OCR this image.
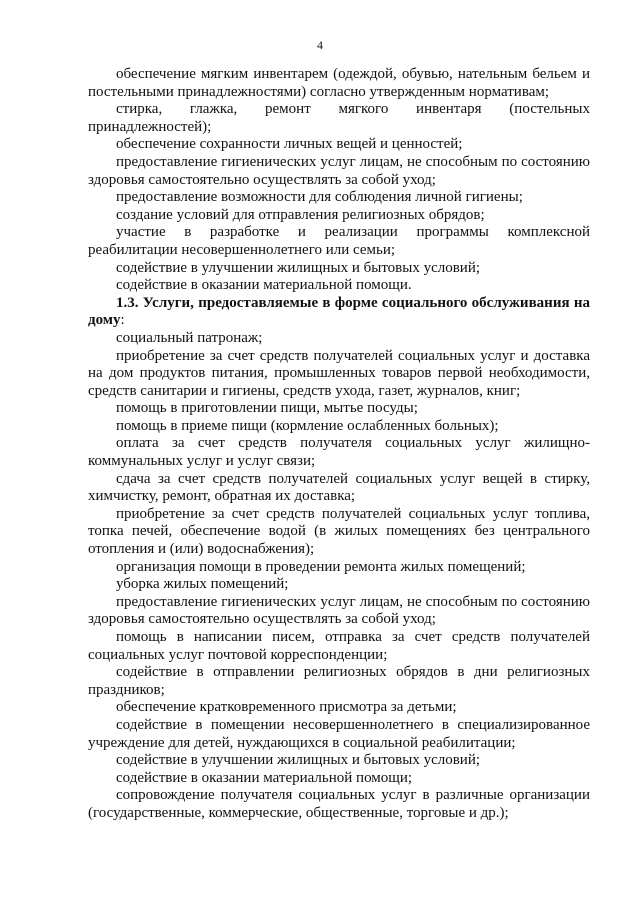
4

обеспечение мягким инвентарем (одеждой, обувью, нательным бельем и постельными принадлежностями) согласно утвержденным нормативам;

стирка, глажка, ремонт мягкого инвентаря (постельных принадлежностей);

обеспечение сохранности личных вещей и ценностей;

предоставление гигиенических услуг лицам, не способным по состоянию здоровья самостоятельно осуществлять за собой уход;

предоставление возможности для соблюдения личной гигиены;

создание условий для отправления религиозных обрядов;

участие в разработке и реализации программы комплексной реабилитации несовершеннолетнего или семьи;

содействие в улучшении жилищных и бытовых условий;

содействие в оказании материальной помощи.

1.3. Услуги, предоставляемые в форме социального обслуживания на дому:

социальный патронаж;

приобретение за счет средств получателей социальных услуг и доставка на дом продуктов питания, промышленных товаров первой необходимости, средств санитарии и гигиены, средств ухода, газет, журналов, книг;

помощь в приготовлении пищи, мытье посуды;

помощь в приеме пищи (кормление ослабленных больных);

оплата за счет средств получателя социальных услуг жилищно-коммунальных услуг и услуг связи;

сдача за счет средств получателей социальных услуг вещей в стирку, химчистку, ремонт, обратная их доставка;

приобретение за счет средств получателей социальных услуг топлива, топка печей, обеспечение водой (в жилых помещениях без центрального отопления и (или) водоснабжения);

организация помощи в проведении ремонта жилых помещений;

уборка жилых помещений;

предоставление гигиенических услуг лицам, не способным по состоянию здоровья самостоятельно осуществлять за собой уход;

помощь в написании писем, отправка за счет средств получателей социальных услуг почтовой корреспонденции;

содействие в отправлении религиозных обрядов в дни религиозных праздников;

обеспечение кратковременного присмотра за детьми;

содействие в помещении несовершеннолетнего в специализированное учреждение для детей, нуждающихся в социальной реабилитации;

содействие в улучшении жилищных и бытовых условий;

содействие в оказании материальной помощи;

сопровождение получателя социальных услуг в различные организации (государственные, коммерческие, общественные, торговые и др.);
